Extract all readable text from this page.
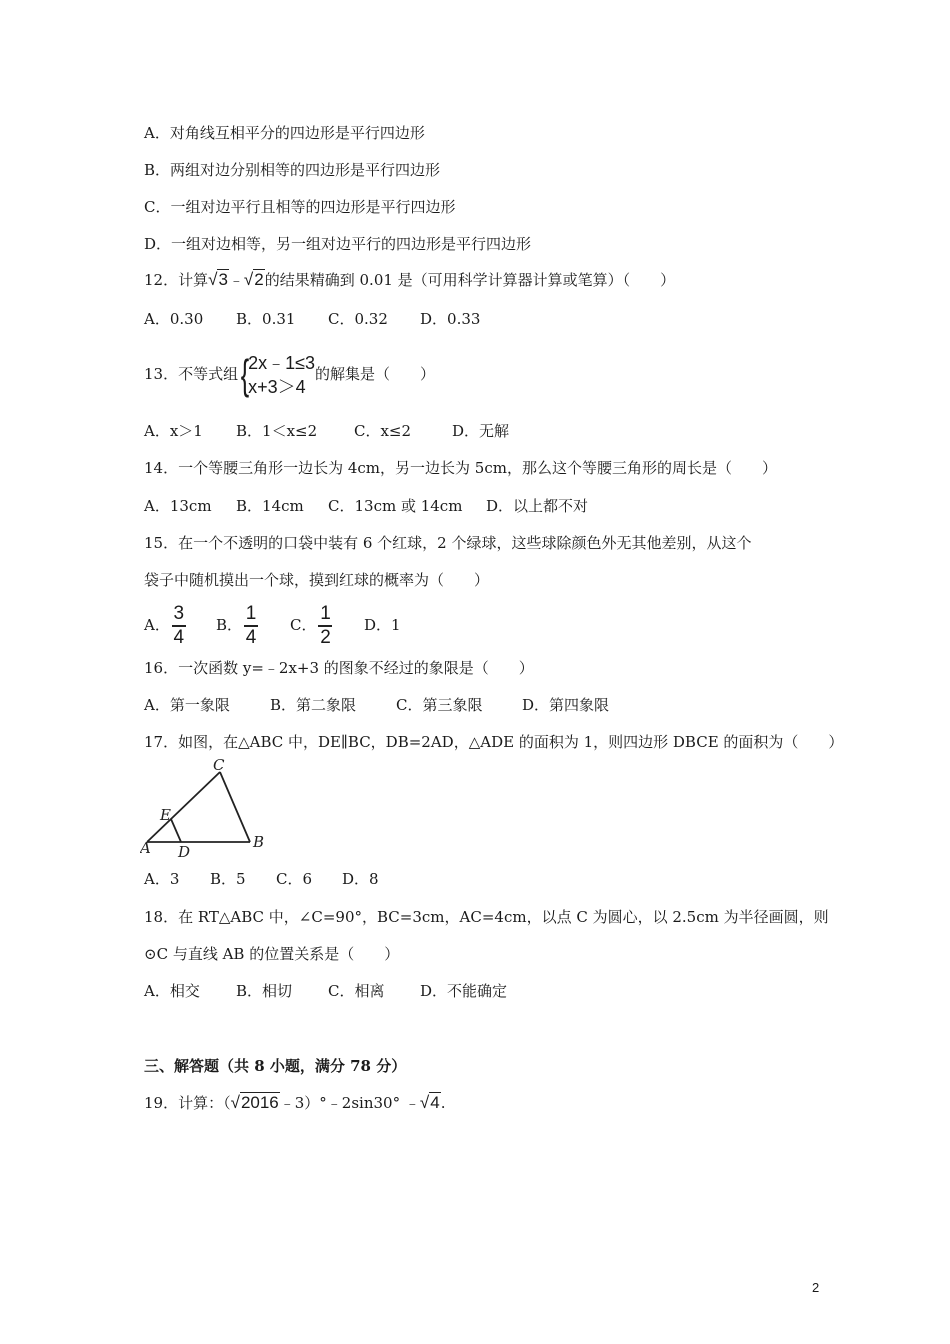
A．对角线互相平分的四边形是平行四边形
B．两组对边分别相等的四边形是平行四边形
C．一组对边平行且相等的四边形是平行四边形
D．一组对边相等，另一组对边平行的四边形是平行四边形
12．计算√3﹣√2的结果精确到 0.01 是（可用科学计算器计算或笔算）（　　）
A．0.30 B．0.31 C．0.32 D．0.33
13．不等式组 {
2x﹣1≤3
x+3＞4
的解集是（　　）
A．x＞1 B．1＜x≤2 C．x≤2	D．无解
14．一个等腰三角形一边长为 4cm，另一边长为 5cm，那么这个等腰三角形的周长是（　　）
A．13cm B．14cm C．13cm 或 14cm D．以上都不对
15．在一个不透明的口袋中装有 6 个红球，2 个绿球，这些球除颜色外无其他差别，从这个
袋子中随机摸出一个球，摸到红球的概率为（　　）
A． $\frac{3}{4}$ B． $\frac{1}{4}$ C． $\frac{1}{2}$ D．1
16．一次函数 y=﹣2x+3 的图象不经过的象限是（　　）
A．第一象限	B．第二象限	C．第三象限	D．第四象限
17．如图，在△ABC 中，DE∥BC，DB=2AD，△ADE 的面积为 1，则四边形 DBCE 的面积为（　　）
C
E
A D
B
A．3 B．5 C．6 D．8
18．在 RT△ABC 中，∠C=90°，BC=3cm，AC=4cm，以点 C 为圆心，以 2.5cm 为半径画圆，则
⊙C 与直线 AB 的位置关系是（　　）
A．相交 B．相切 C．相离 D．不能确定
三、解答题（共 8 小题，满分 78 分）
19．计算：（√2016﹣3）°﹣2sin30° ﹣√4.
2
